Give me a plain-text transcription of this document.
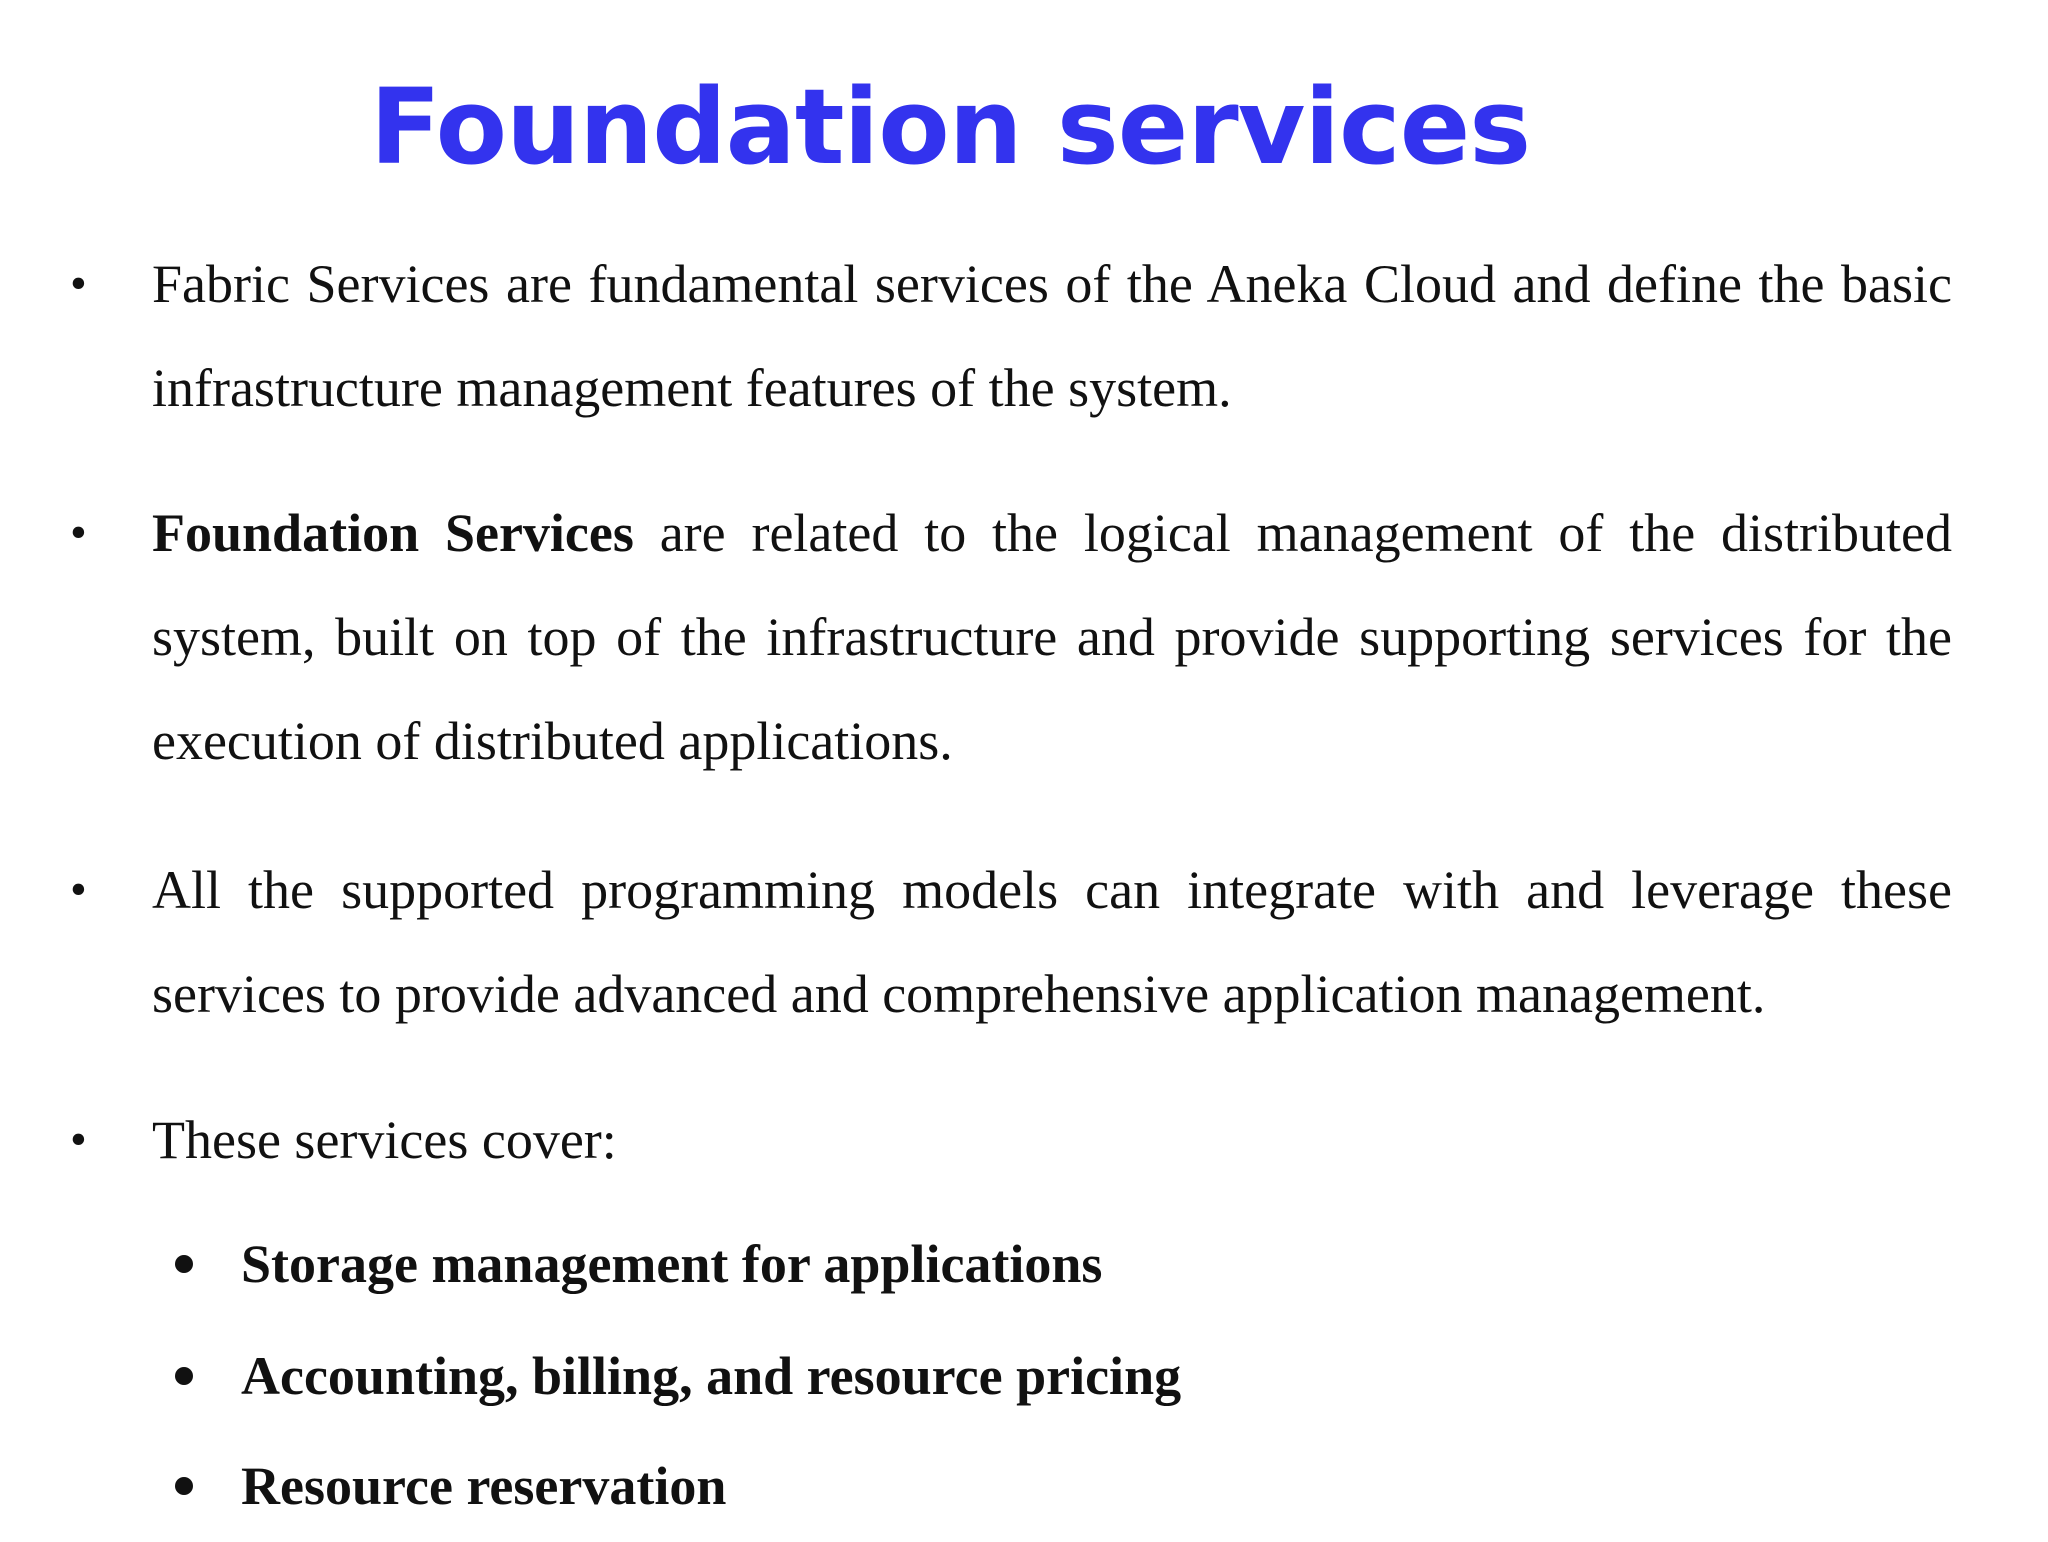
Foundation services
• Fabric Services are fundamental services of the Aneka Cloud and define the basic infrastructure management features of the system.

• Foundation Services are related to the logical management of the distributed system, built on top of the infrastructure and provide supporting services for the execution of distributed applications.

• All the supported programming models can integrate with and leverage these services to provide advanced and comprehensive application management.

• These services cover:

Storage management for applications
Accounting, billing, and resource pricing
Resource reservation
